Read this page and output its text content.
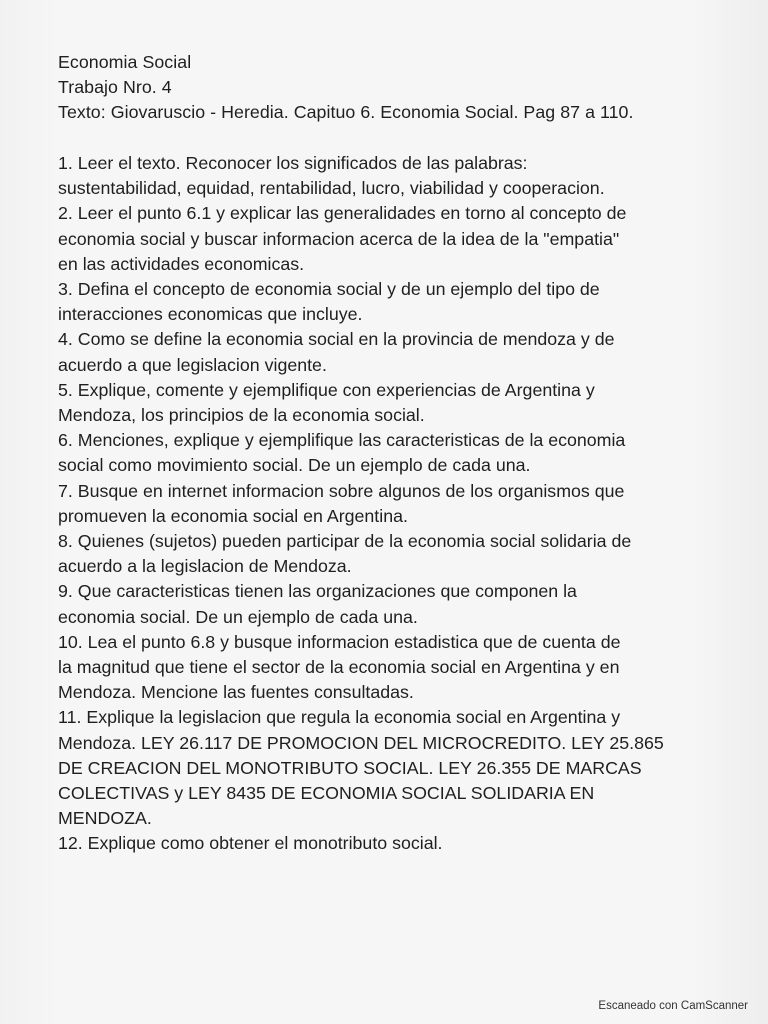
Economia Social
Trabajo Nro. 4
Texto: Giovaruscio - Heredia. Capituo 6. Economia Social. Pag 87 a 110.
1. Leer el texto. Reconocer los significados de las palabras:
sustentabilidad, equidad, rentabilidad, lucro, viabilidad y cooperacion.
2. Leer el punto 6.1 y explicar las generalidades en torno al concepto de
economia social y buscar informacion acerca de la idea de la "empatia"
en las actividades economicas.
3. Defina el concepto de economia social y de un ejemplo del tipo de
interacciones economicas que incluye.
4. Como se define la economia social en la provincia de mendoza y de
acuerdo a que legislacion vigente.
5. Explique, comente y ejemplifique con experiencias de Argentina y
Mendoza, los principios de la economia social.
6. Menciones, explique y ejemplifique las caracteristicas de la economia
social como movimiento social. De un ejemplo de cada una.
7. Busque en internet informacion sobre algunos de los organismos que
promueven la economia social en Argentina.
8. Quienes (sujetos) pueden participar de la economia social solidaria de
acuerdo a la legislacion de Mendoza.
9. Que caracteristicas tienen las organizaciones que componen la
economia social. De un ejemplo de cada una.
10. Lea el punto 6.8 y busque informacion estadistica que de cuenta de
la magnitud que tiene el sector de la economia social en Argentina y en
Mendoza. Mencione las fuentes consultadas.
11. Explique la legislacion que regula la economia social en Argentina y
Mendoza. LEY 26.117 DE PROMOCION DEL MICROCREDITO. LEY 25.865
DE CREACION DEL MONOTRIBUTO SOCIAL. LEY 26.355 DE MARCAS
COLECTIVAS y LEY 8435 DE ECONOMIA SOCIAL SOLIDARIA EN
MENDOZA.
12. Explique como obtener el monotributo social.
Escaneado con CamScanner
